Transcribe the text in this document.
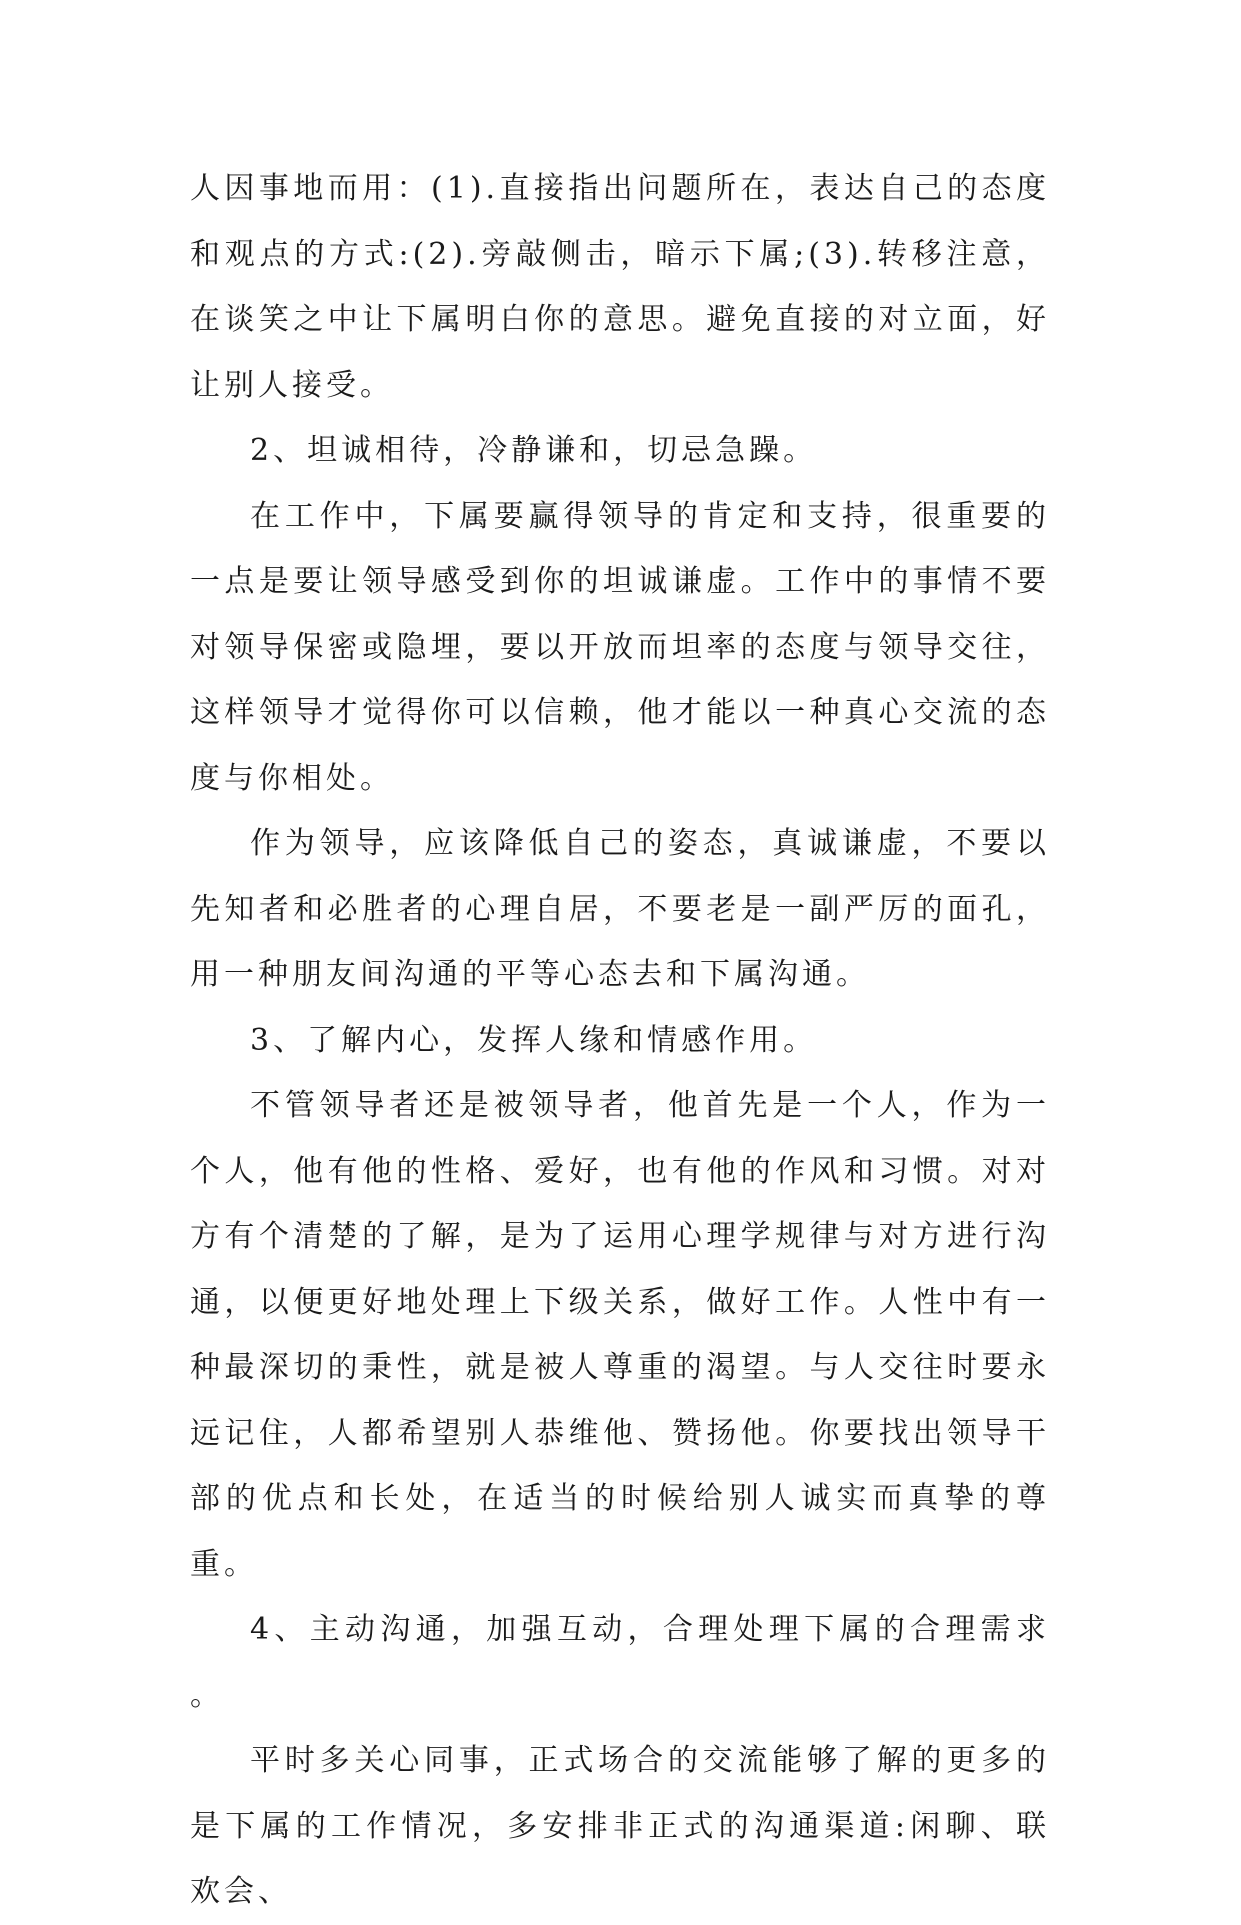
人因事地而用：(1).直接指出问题所在，表达自己的态度和观点的方式:(2).旁敲侧击，暗示下属;(3).转移注意，在谈笑之中让下属明白你的意思。避免直接的对立面，好让别人接受。

2、坦诚相待，冷静谦和，切忌急躁。

在工作中，下属要赢得领导的肯定和支持，很重要的一点是要让领导感受到你的坦诚谦虚。工作中的事情不要对领导保密或隐埋，要以开放而坦率的态度与领导交往，这样领导才觉得你可以信赖，他才能以一种真心交流的态度与你相处。

作为领导，应该降低自己的姿态，真诚谦虚，不要以先知者和必胜者的心理自居，不要老是一副严厉的面孔，用一种朋友间沟通的平等心态去和下属沟通。

3、了解内心，发挥人缘和情感作用。

不管领导者还是被领导者，他首先是一个人，作为一个人，他有他的性格、爱好，也有他的作风和习惯。对对方有个清楚的了解，是为了运用心理学规律与对方进行沟通，以便更好地处理上下级关系，做好工作。人性中有一种最深切的秉性，就是被人尊重的渴望。与人交往时要永远记住，人都希望别人恭维他、赞扬他。你要找出领导干部的优点和长处，在适当的时候给别人诚实而真挚的尊重。

4、主动沟通，加强互动，合理处理下属的合理需求 。

平时多关心同事，正式场合的交流能够了解的更多的是下属的工作情况，多安排非正式的沟通渠道:闲聊、联欢会、
